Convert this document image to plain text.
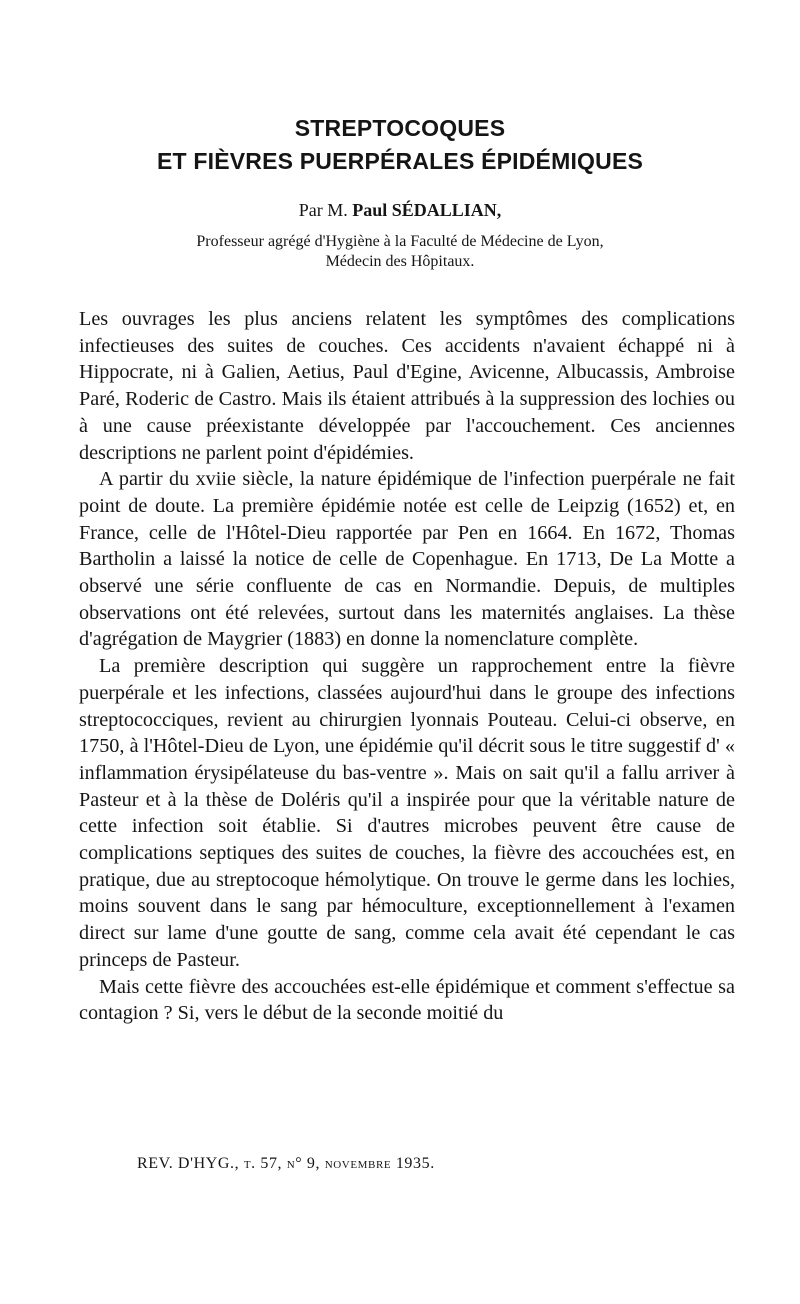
STREPTOCOQUES
ET FIÈVRES PUERPÉRALES ÉPIDÉMIQUES
Par M. Paul SÉDALLIAN,
Professeur agrégé d'Hygiène à la Faculté de Médecine de Lyon,
Médecin des Hôpitaux.

Les ouvrages les plus anciens relatent les symptômes des complications infectieuses des suites de couches. Ces accidents n'avaient échappé ni à Hippocrate, ni à Galien, Aetius, Paul d'Egine, Avicenne, Albucassis, Ambroise Paré, Roderic de Castro. Mais ils étaient attribués à la suppression des lochies ou à une cause préexistante développée par l'accouchement. Ces anciennes descriptions ne parlent point d'épidémies.

A partir du xviie siècle, la nature épidémique de l'infection puerpérale ne fait point de doute. La première épidémie notée est celle de Leipzig (1652) et, en France, celle de l'Hôtel-Dieu rapportée par Pen en 1664. En 1672, Thomas Bartholin a laissé la notice de celle de Copenhague. En 1713, De La Motte a observé une série confluente de cas en Normandie. Depuis, de multiples observations ont été relevées, surtout dans les maternités anglaises. La thèse d'agrégation de Maygrier (1883) en donne la nomenclature complète.

La première description qui suggère un rapprochement entre la fièvre puerpérale et les infections, classées aujourd'hui dans le groupe des infections streptococciques, revient au chirurgien lyonnais Pouteau. Celui-ci observe, en 1750, à l'Hôtel-Dieu de Lyon, une épidémie qu'il décrit sous le titre suggestif d' « inflammation érysipélateuse du bas-ventre ». Mais on sait qu'il a fallu arriver à Pasteur et à la thèse de Doléris qu'il a inspirée pour que la véritable nature de cette infection soit établie. Si d'autres microbes peuvent être cause de complications septiques des suites de couches, la fièvre des accouchées est, en pratique, due au streptocoque hémolytique. On trouve le germe dans les lochies, moins souvent dans le sang par hémoculture, exceptionnellement à l'examen direct sur lame d'une goutte de sang, comme cela avait été cependant le cas princeps de Pasteur.

Mais cette fièvre des accouchées est-elle épidémique et comment s'effectue sa contagion ? Si, vers le début de la seconde moitié du

REV. D'HYG., t. 57, n° 9, novembre 1935.
